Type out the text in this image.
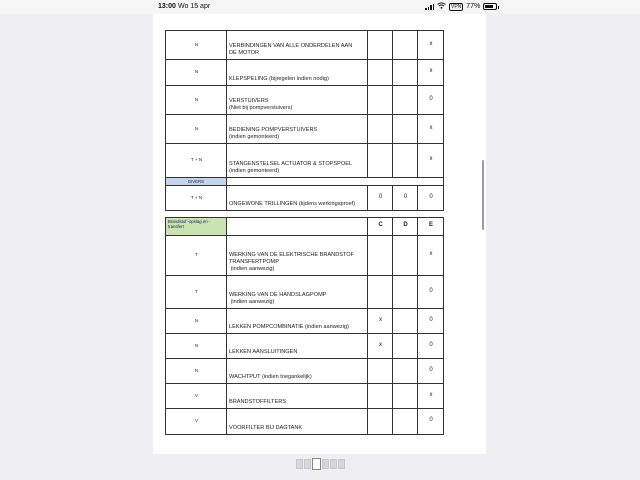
13:00 Wo 15 apr	VPN 77%
N	VERBINDINGEN VAN ALLE ONDERDELEN AAN
DE MOTOR			x
N	KLEPSPELING (bijregelen indien nodig)			x
N	VERSTUIVERS
(Niet bij pompverstuivers)			0
N	BEDIENING POMPVERSTUIVERS
(indien gemonteerd)			x
T + N	STANGENSTELSEL ACTUATOR & STOPSPOEL
(indien gemonteerd)			x
DIVERS				
T + N	ONGEWONE TRILLINGEN (tijdens werkingsproef)	0	0	0

Brandstof -opslag en - transfert		C	D	E
T	WERKING VAN DE ELEKTRISCHE BRANDSTOF
TRANSFERTPOMP
(indien aanwezig)			x
T	WERKING VAN DE HANDSLAGPOMP
(indien aanwezig)			0
N	LEKKEN POMPCOMBINATIE (indien aanwezig)	x		0
N	LEKKEN AANSLUITINGEN	x		0
N	WACHTPUT (indien toegankelijk)			0
V	BRANDSTOFFILTERS			x
V	VOORFILTER BIJ DAGTANK			0
